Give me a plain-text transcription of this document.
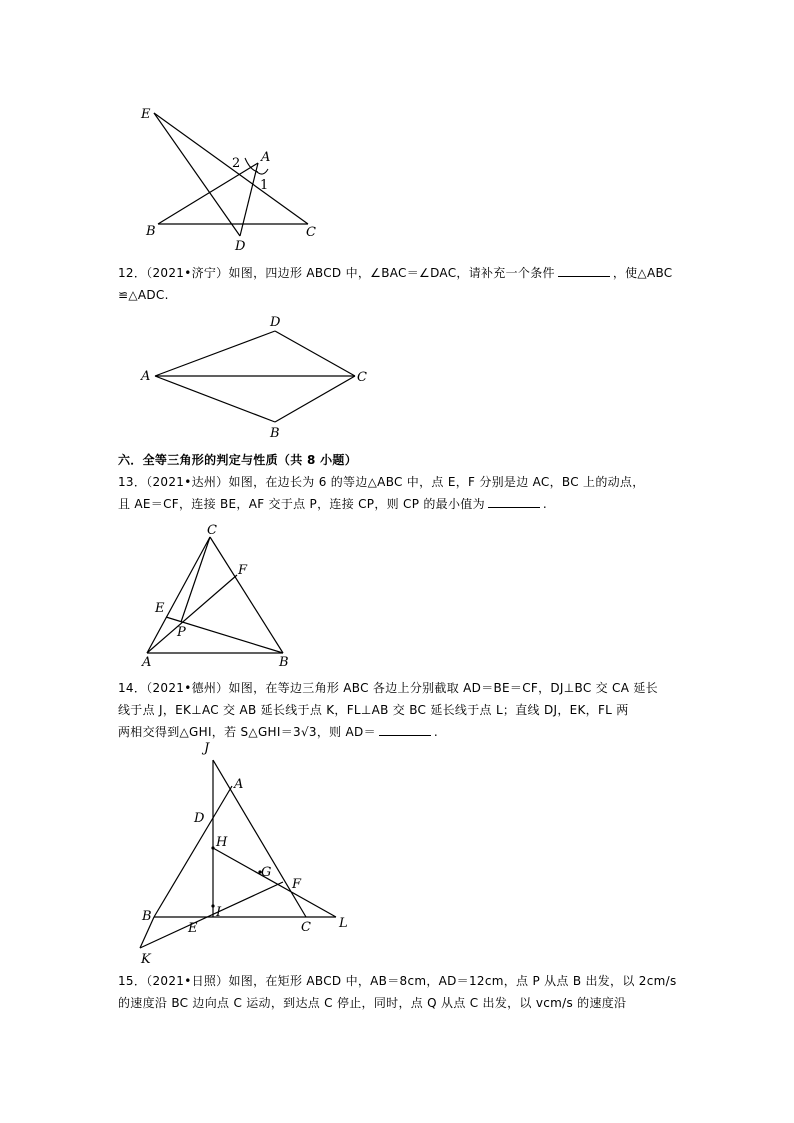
E
A
B
D
C
2
1
12．（2021•济宁）如图，四边形 ABCD 中，∠BAC＝∠DAC，请补充一个条件	，使△ABC
≌△ADC.
D
A	C
B
六．全等三角形的判定与性质（共 8 小题）
13．（2021•达州）如图，在边长为 6 的等边△ABC 中，点 E，F 分别是边 AC，BC 上的动点，
且 AE＝CF，连接 BE，AF 交于点 P，连接 CP，则 CP 的最小值为	.
C
F
E
P
A	B
14．（2021•德州）如图，在等边三角形 ABC 各边上分别截取 AD＝BE＝CF，DJ⊥BC 交 CA 延长
线于点 J，EK⊥AC 交 AB 延长线于点 K，FL⊥AB 交 BC 延长线于点 L；直线 DJ，EK，FL 两
两相交得到△GHI，若 S△GHI＝3√3，则 AD＝	.
J
A
D
H
G
F
B	I
E	C L
K
15．（2021•日照）如图，在矩形 ABCD 中，AB＝8cm，AD＝12cm，点 P 从点 B 出发，以 2cm/s
的速度沿 BC 边向点 C 运动，到达点 C 停止，同时，点 Q 从点 C 出发，以 vcm/s 的速度沿
